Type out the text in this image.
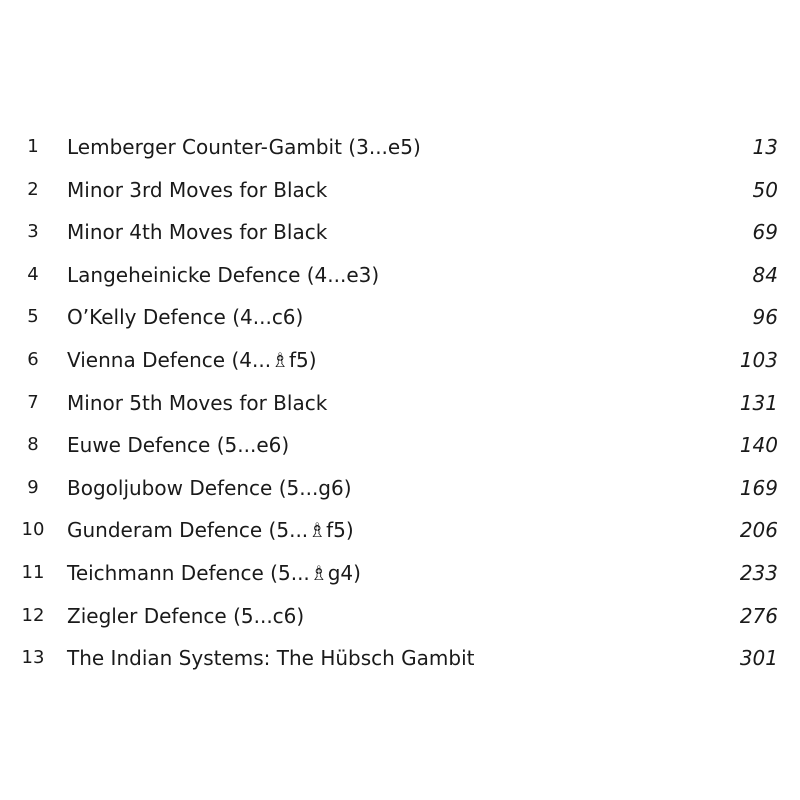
1	Lemberger Counter-Gambit (3...e5)	13
2	Minor 3rd Moves for Black	50
3	Minor 4th Moves for Black	69
4	Langeheinicke Defence (4...e3)	84
5	O’Kelly Defence (4...c6)	96
6	Vienna Defence (4...♗f5)	103
7	Minor 5th Moves for Black	131
8	Euwe Defence (5...e6)	140
9	Bogoljubow Defence (5...g6)	169
10 Gunderam Defence (5...♗f5)	206
11 Teichmann Defence (5...♗g4)	233
12 Ziegler Defence (5...c6)	276
13 The Indian Systems: The Hübsch Gambit	301
